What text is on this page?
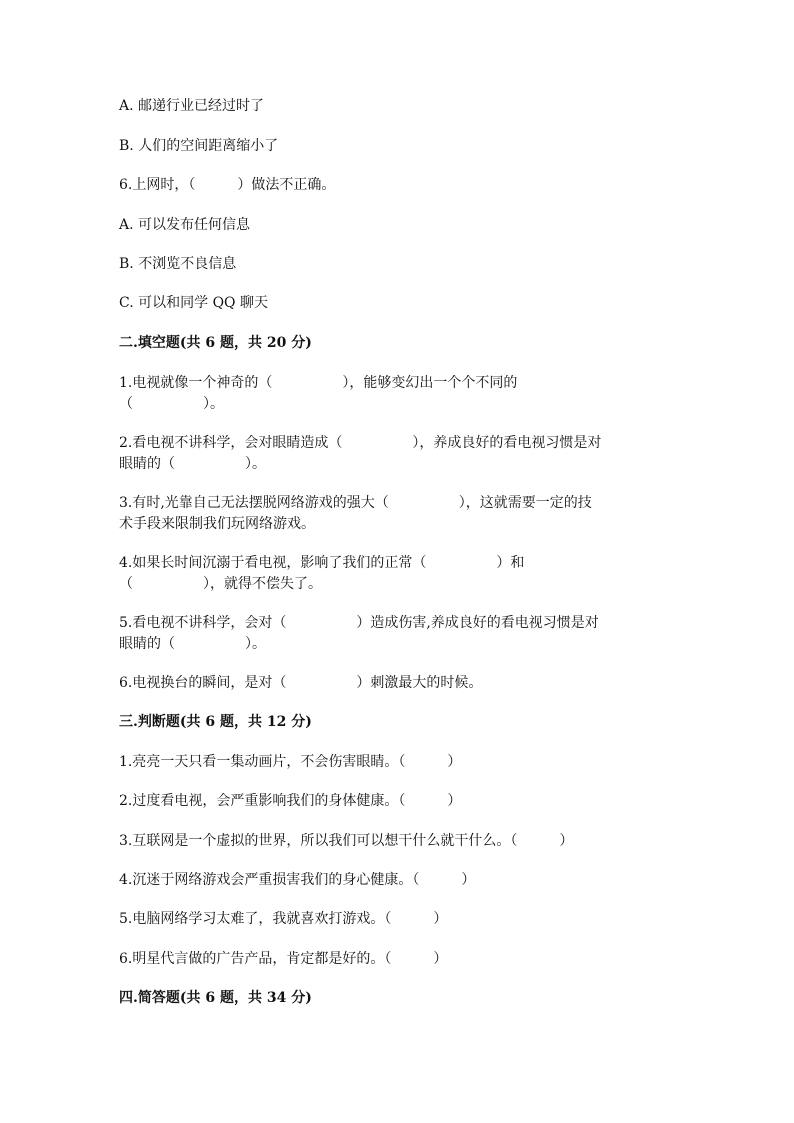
A. 邮递行业已经过时了
B. 人们的空间距离缩小了
6.上网时，（　　　）做法不正确。
A. 可以发布任何信息
B. 不浏览不良信息
C. 可以和同学 QQ 聊天
二.填空题(共 6 题，共 20 分)
1.电视就像一个神奇的（　　　　　），能够变幻出一个个不同的
（　　　　　）。
2.看电视不讲科学，会对眼睛造成（　　　　　），养成良好的看电视习惯是对
眼睛的（　　　　　）。
3.有时,光靠自己无法摆脱网络游戏的强大（　　　　　），这就需要一定的技
术手段来限制我们玩网络游戏。
4.如果长时间沉溺于看电视，影响了我们的正常（　　　　　）和
（　　　　　），就得不偿失了。
5.看电视不讲科学，会对（　　　　　）造成伤害,养成良好的看电视习惯是对
眼睛的（　　　　　）。
6.电视换台的瞬间，是对（　　　　　）刺激最大的时候。
三.判断题(共 6 题，共 12 分)
1.亮亮一天只看一集动画片，不会伤害眼睛。（　　　）
2.过度看电视，会严重影响我们的身体健康。（　　　）
3.互联网是一个虚拟的世界，所以我们可以想干什么就干什么。（　　　）
4.沉迷于网络游戏会严重损害我们的身心健康。（　　　）
5.电脑网络学习太难了，我就喜欢打游戏。（　　　）
6.明星代言做的广告产品，肯定都是好的。（　　　）
四.简答题(共 6 题，共 34 分)
